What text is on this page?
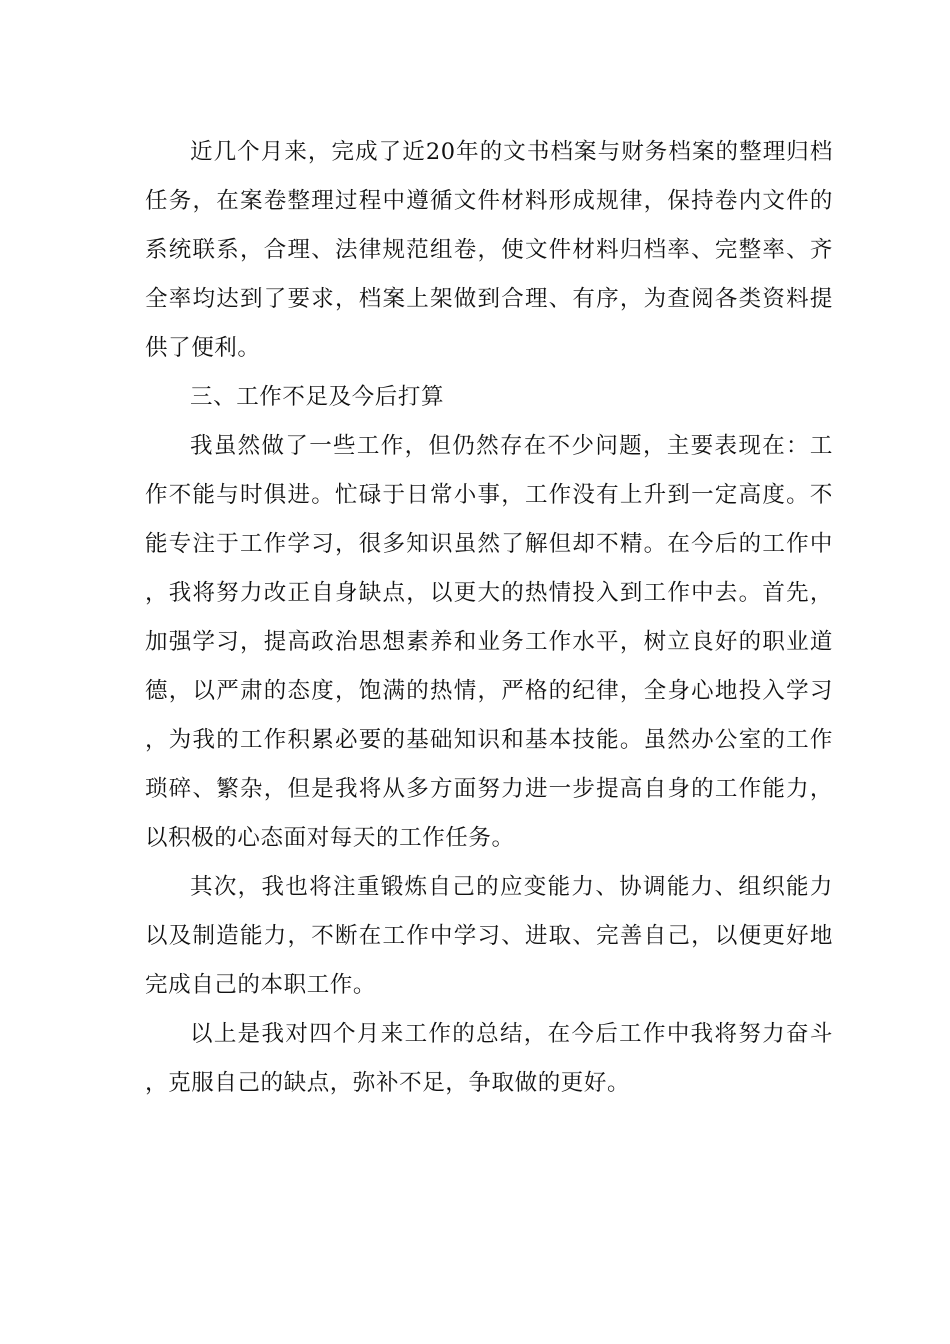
近几个月来，完成了近20年的文书档案与财务档案的整理归档任务，在案卷整理过程中遵循文件材料形成规律，保持卷内文件的系统联系，合理、法律规范组卷，使文件材料归档率、完整率、齐全率均达到了要求，档案上架做到合理、有序，为查阅各类资料提供了便利。

三、工作不足及今后打算

我虽然做了一些工作，但仍然存在不少问题，主要表现在：工作不能与时俱进。忙碌于日常小事，工作没有上升到一定高度。不能专注于工作学习，很多知识虽然了解但却不精。在今后的工作中，我将努力改正自身缺点，以更大的热情投入到工作中去。首先，加强学习，提高政治思想素养和业务工作水平，树立良好的职业道德，以严肃的态度，饱满的热情，严格的纪律，全身心地投入学习，为我的工作积累必要的基础知识和基本技能。虽然办公室的工作琐碎、繁杂，但是我将从多方面努力进一步提高自身的工作能力，以积极的心态面对每天的工作任务。

其次，我也将注重锻炼自己的应变能力、协调能力、组织能力以及制造能力，不断在工作中学习、进取、完善自己，以便更好地完成自己的本职工作。

以上是我对四个月来工作的总结，在今后工作中我将努力奋斗，克服自己的缺点，弥补不足，争取做的更好。
